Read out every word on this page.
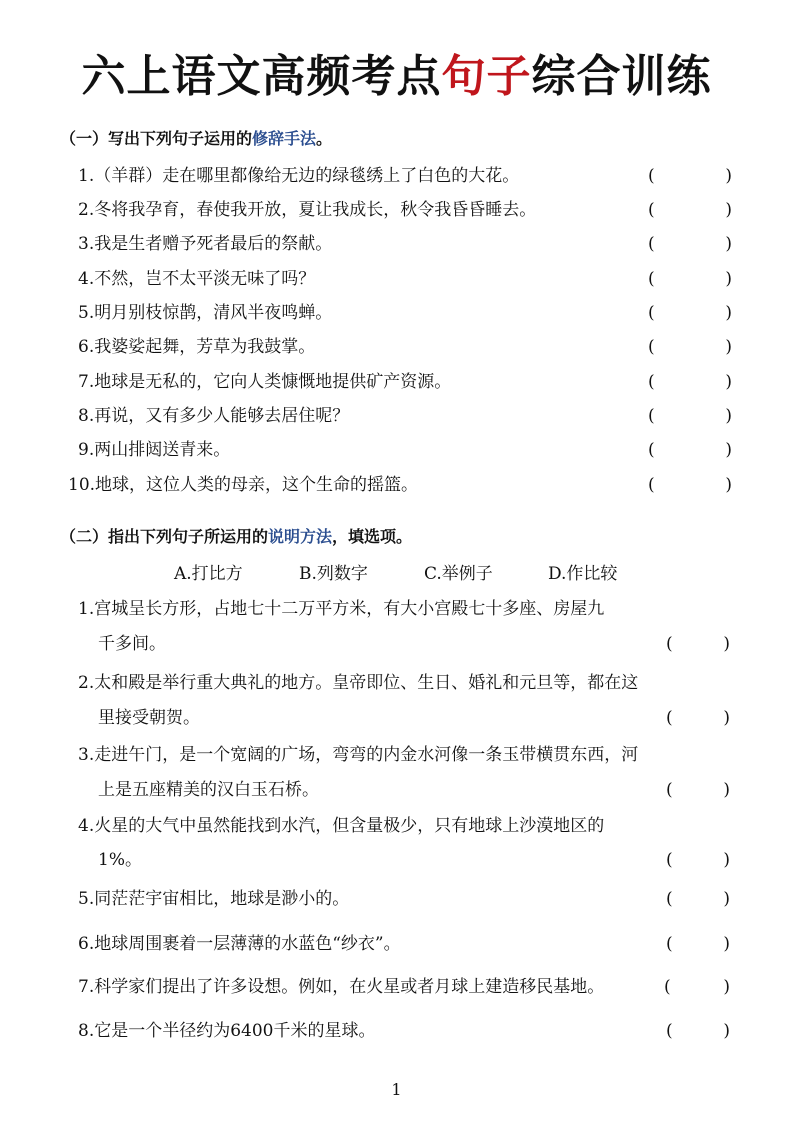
六上语文高频考点句子综合训练
（一）写出下列句子运用的修辞手法。
1.（羊群）走在哪里都像给无边的绿毯绣上了白色的大花。	(	)
2.冬将我孕育，春使我开放，夏让我成长，秋令我昏昏睡去。	(	)
3.我是生者赠予死者最后的祭献。	(	)
4.不然，岂不太平淡无味了吗？	(	)
5.明月别枝惊鹊，清风半夜鸣蝉。	(	)
6.我婆娑起舞，芳草为我鼓掌。	(	)
7.地球是无私的，它向人类慷慨地提供矿产资源。	(	)
8.再说，又有多少人能够去居住呢？	(	)
9.两山排闼送青来。	(	)
10.地球，这位人类的母亲，这个生命的摇篮。	(	)
（二）指出下列句子所运用的说明方法，填选项。
A.打比方	B.列数字	C.举例子	D.作比较
1.宫城呈长方形，占地七十二万平方米，有大小宫殿七十多座、房屋九
千多间。	(	)
2.太和殿是举行重大典礼的地方。皇帝即位、生日、婚礼和元旦等，都在这
里接受朝贺。	(	)
3.走进午门，是一个宽阔的广场，弯弯的内金水河像一条玉带横贯东西，河
上是五座精美的汉白玉石桥。	(	)
4.火星的大气中虽然能找到水汽，但含量极少，只有地球上沙漠地区的
1%。	(	)
5.同茫茫宇宙相比，地球是渺小的。	(	)
6.地球周围裹着一层薄薄的水蓝色“纱衣”。	(	)
7.科学家们提出了许多设想。例如，在火星或者月球上建造移民基地。	(	)
8.它是一个半径约为6400千米的星球。	(	)
1
